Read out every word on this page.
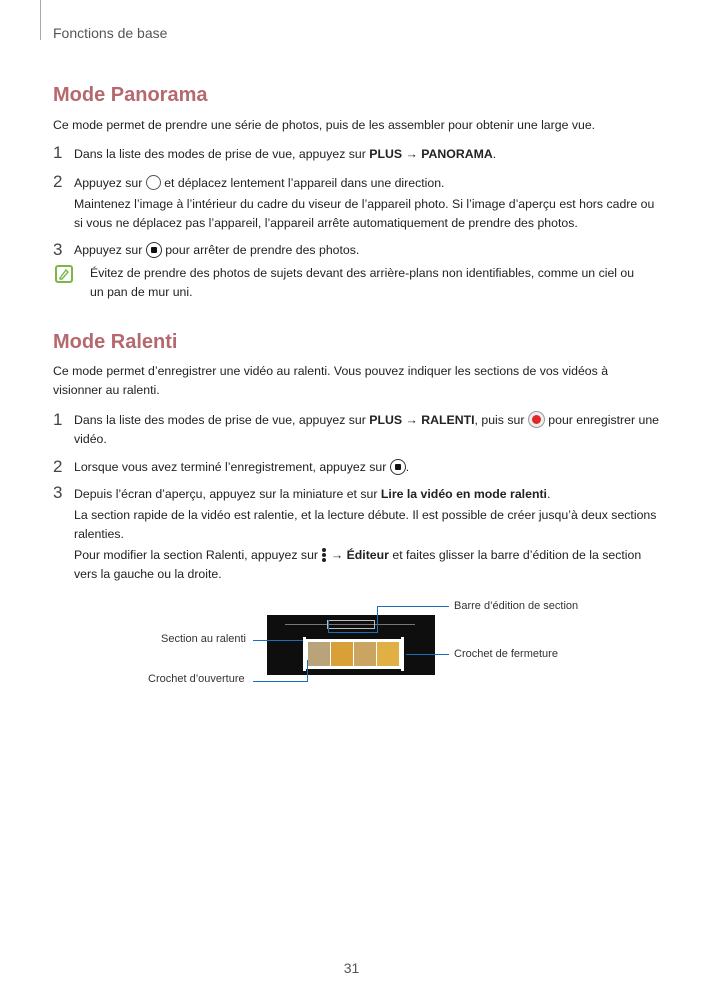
Fonctions de base
Mode Panorama
Ce mode permet de prendre une série de photos, puis de les assembler pour obtenir une large vue.
1 Dans la liste des modes de prise de vue, appuyez sur PLUS → PANORAMA.

2 Appuyez sur  et déplacez lentement l’appareil dans une direction.

Maintenez l’image à l’intérieur du cadre du viseur de l’appareil photo. Si l’image d’aperçu est hors cadre ou si vous ne déplacez pas l’appareil, l’appareil arrête automatiquement de prendre des photos.

3 Appuyez sur  pour arrêter de prendre des photos.

Évitez de prendre des photos de sujets devant des arrière-plans non identifiables, comme un ciel ou un pan de mur uni.
Mode Ralenti
Ce mode permet d’enregistrer une vidéo au ralenti. Vous pouvez indiquer les sections de vos vidéos à visionner au ralenti.
1 Dans la liste des modes de prise de vue, appuyez sur PLUS → RALENTI, puis sur  pour enregistrer une vidéo.

2 Lorsque vous avez terminé l’enregistrement, appuyez sur .

3 Depuis l’écran d’aperçu, appuyez sur la miniature et sur Lire la vidéo en mode ralenti.

La section rapide de la vidéo est ralentie, et la lecture débute. Il est possible de créer jusqu’à deux sections ralenties.

Pour modifier la section Ralenti, appuyez sur
→ Éditeur et faites glisser la barre d’édition de la section vers la gauche ou la droite.

Barre d’édition de section
Section au ralenti
Crochet de fermeture
Crochet d’ouverture
31
